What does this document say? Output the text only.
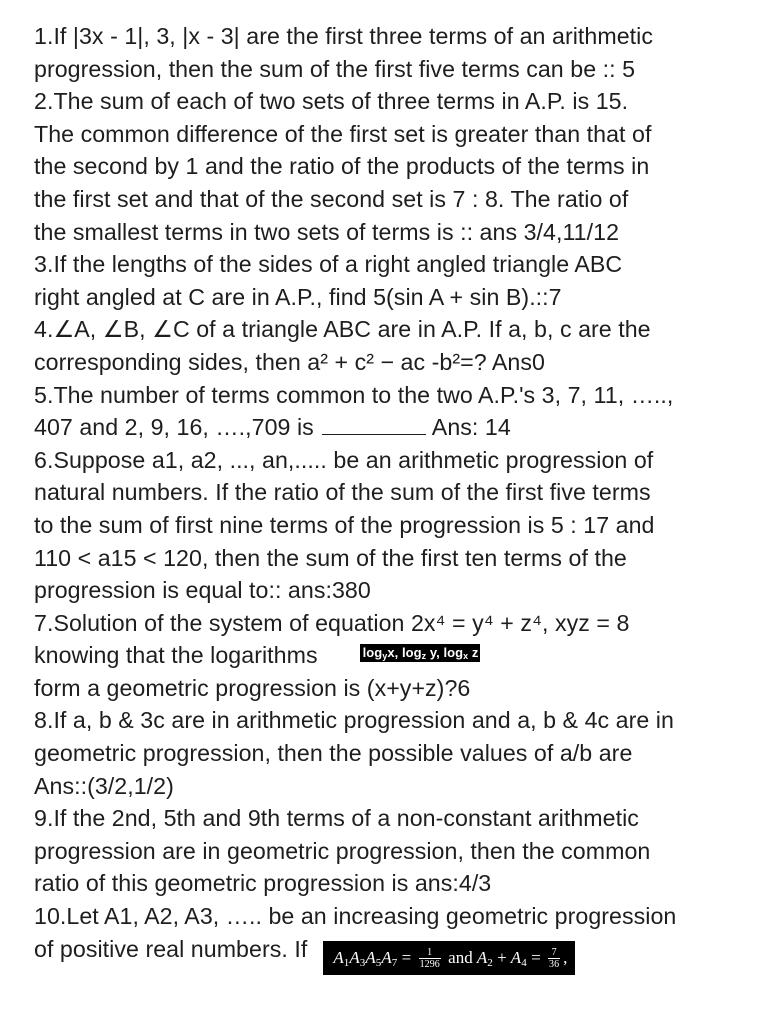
1.If |3x - 1|, 3, |x - 3| are the first three terms of an arithmetic
progression, then the sum of the first five terms can be :: 5
2.The sum of each of two sets of three terms in A.P. is 15.
The common difference of the first set is greater than that of
the second by 1 and the ratio of the products of the terms in
the first set and that of the second set is 7 : 8. The ratio of
the smallest terms in two sets of terms is :: ans 3/4,11/12
3.If the lengths of the sides of a right angled triangle ABC
right angled at C are in A.P., find 5(sin A + sin B).::7
4.∠A, ∠B, ∠C of a triangle ABC are in A.P. If a, b, c are the
corresponding sides, then a² + c² − ac -b²=? Ans0
5.The number of terms common to the two A.P.'s 3, 7, 11, …..,
407 and 2, 9, 16, ….,709 is	Ans: 14
6.Suppose a1, a2, ..., an,..... be an arithmetic progression of
natural numbers. If the ratio of the sum of the first five terms
to the sum of first nine terms of the progression is 5 : 17 and
110 < a15 < 120, then the sum of the first ten terms of the
progression is equal to:: ans:380
7.Solution of the system of equation 2x⁴ = y⁴ + z⁴, xyz = 8
knowing that the logarithms	$\log_yx$, $\log_z y$, $\log_x z$
form a geometric progression is (x+y+z)?6
8.If a, b & 3c are in arithmetic progression and a, b & 4c are in
geometric progression, then the possible values of a/b are
Ans::(3/2,1/2)
9.If the 2nd, 5th and 9th terms of a non-constant arithmetic
progression are in geometric progression, then the common
ratio of this geometric progression is ans:4/3
10.Let A1, A2, A3, ….. be an increasing geometric progression
of positive real numbers. If $A_1A_3A_5A_7 = \frac{1}{1296}$ and $A_2 + A_4 = \frac{7}{36}$ ,
